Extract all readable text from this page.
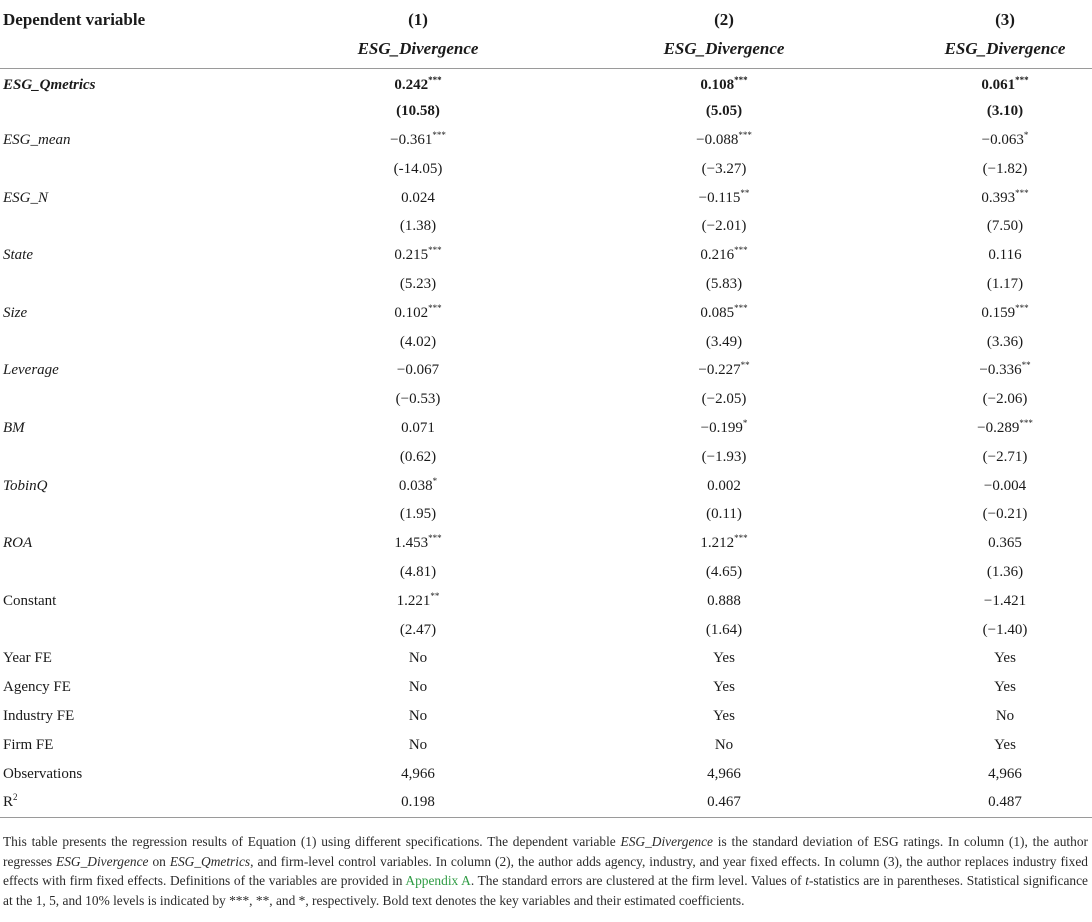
Dependent variable	(1)	(2)	(3)
	ESG_Divergence	ESG_Divergence	ESG_Divergence
ESG_Qmetrics	0.242***	0.108***	0.061***
	(10.58)	(5.05)	(3.10)
ESG_mean	−0.361***	−0.088***	−0.063*
	(-14.05)	(−3.27)	(−1.82)
ESG_N	0.024	−0.115**	0.393***
	(1.38)	(−2.01)	(7.50)
State	0.215***	0.216***	0.116
	(5.23)	(5.83)	(1.17)
Size	0.102***	0.085***	0.159***
	(4.02)	(3.49)	(3.36)
Leverage	−0.067	−0.227**	−0.336**
	(−0.53)	(−2.05)	(−2.06)
BM	0.071	−0.199*	−0.289***
	(0.62)	(−1.93)	(−2.71)
TobinQ	0.038*	0.002	−0.004
	(1.95)	(0.11)	(−0.21)
ROA	1.453***	1.212***	0.365
	(4.81)	(4.65)	(1.36)
Constant	1.221**	0.888	−1.421
	(2.47)	(1.64)	(−1.40)
Year FE	No	Yes	Yes
Agency FE	No	Yes	Yes
Industry FE	No	Yes	No
Firm FE	No	No	Yes
Observations	4,966	4,966	4,966
$R^2$	0.198	0.467	0.487
This table presents the regression results of Equation (1) using different specifications. The dependent variable ESG_Divergence is the standard deviation of ESG ratings. In column (1), the author regresses ESG_Divergence on ESG_Qmetrics, and firm-level control variables. In column (2), the author adds agency, industry, and year fixed effects. In column (3), the author replaces industry fixed effects with firm fixed effects. Definitions of the variables are provided in Appendix A. The standard errors are clustered at the firm level. Values of t-statistics are in parentheses. Statistical significance at the 1, 5, and 10% levels is indicated by ***, **, and *, respectively. Bold text denotes the key variables and their estimated coefficients.
